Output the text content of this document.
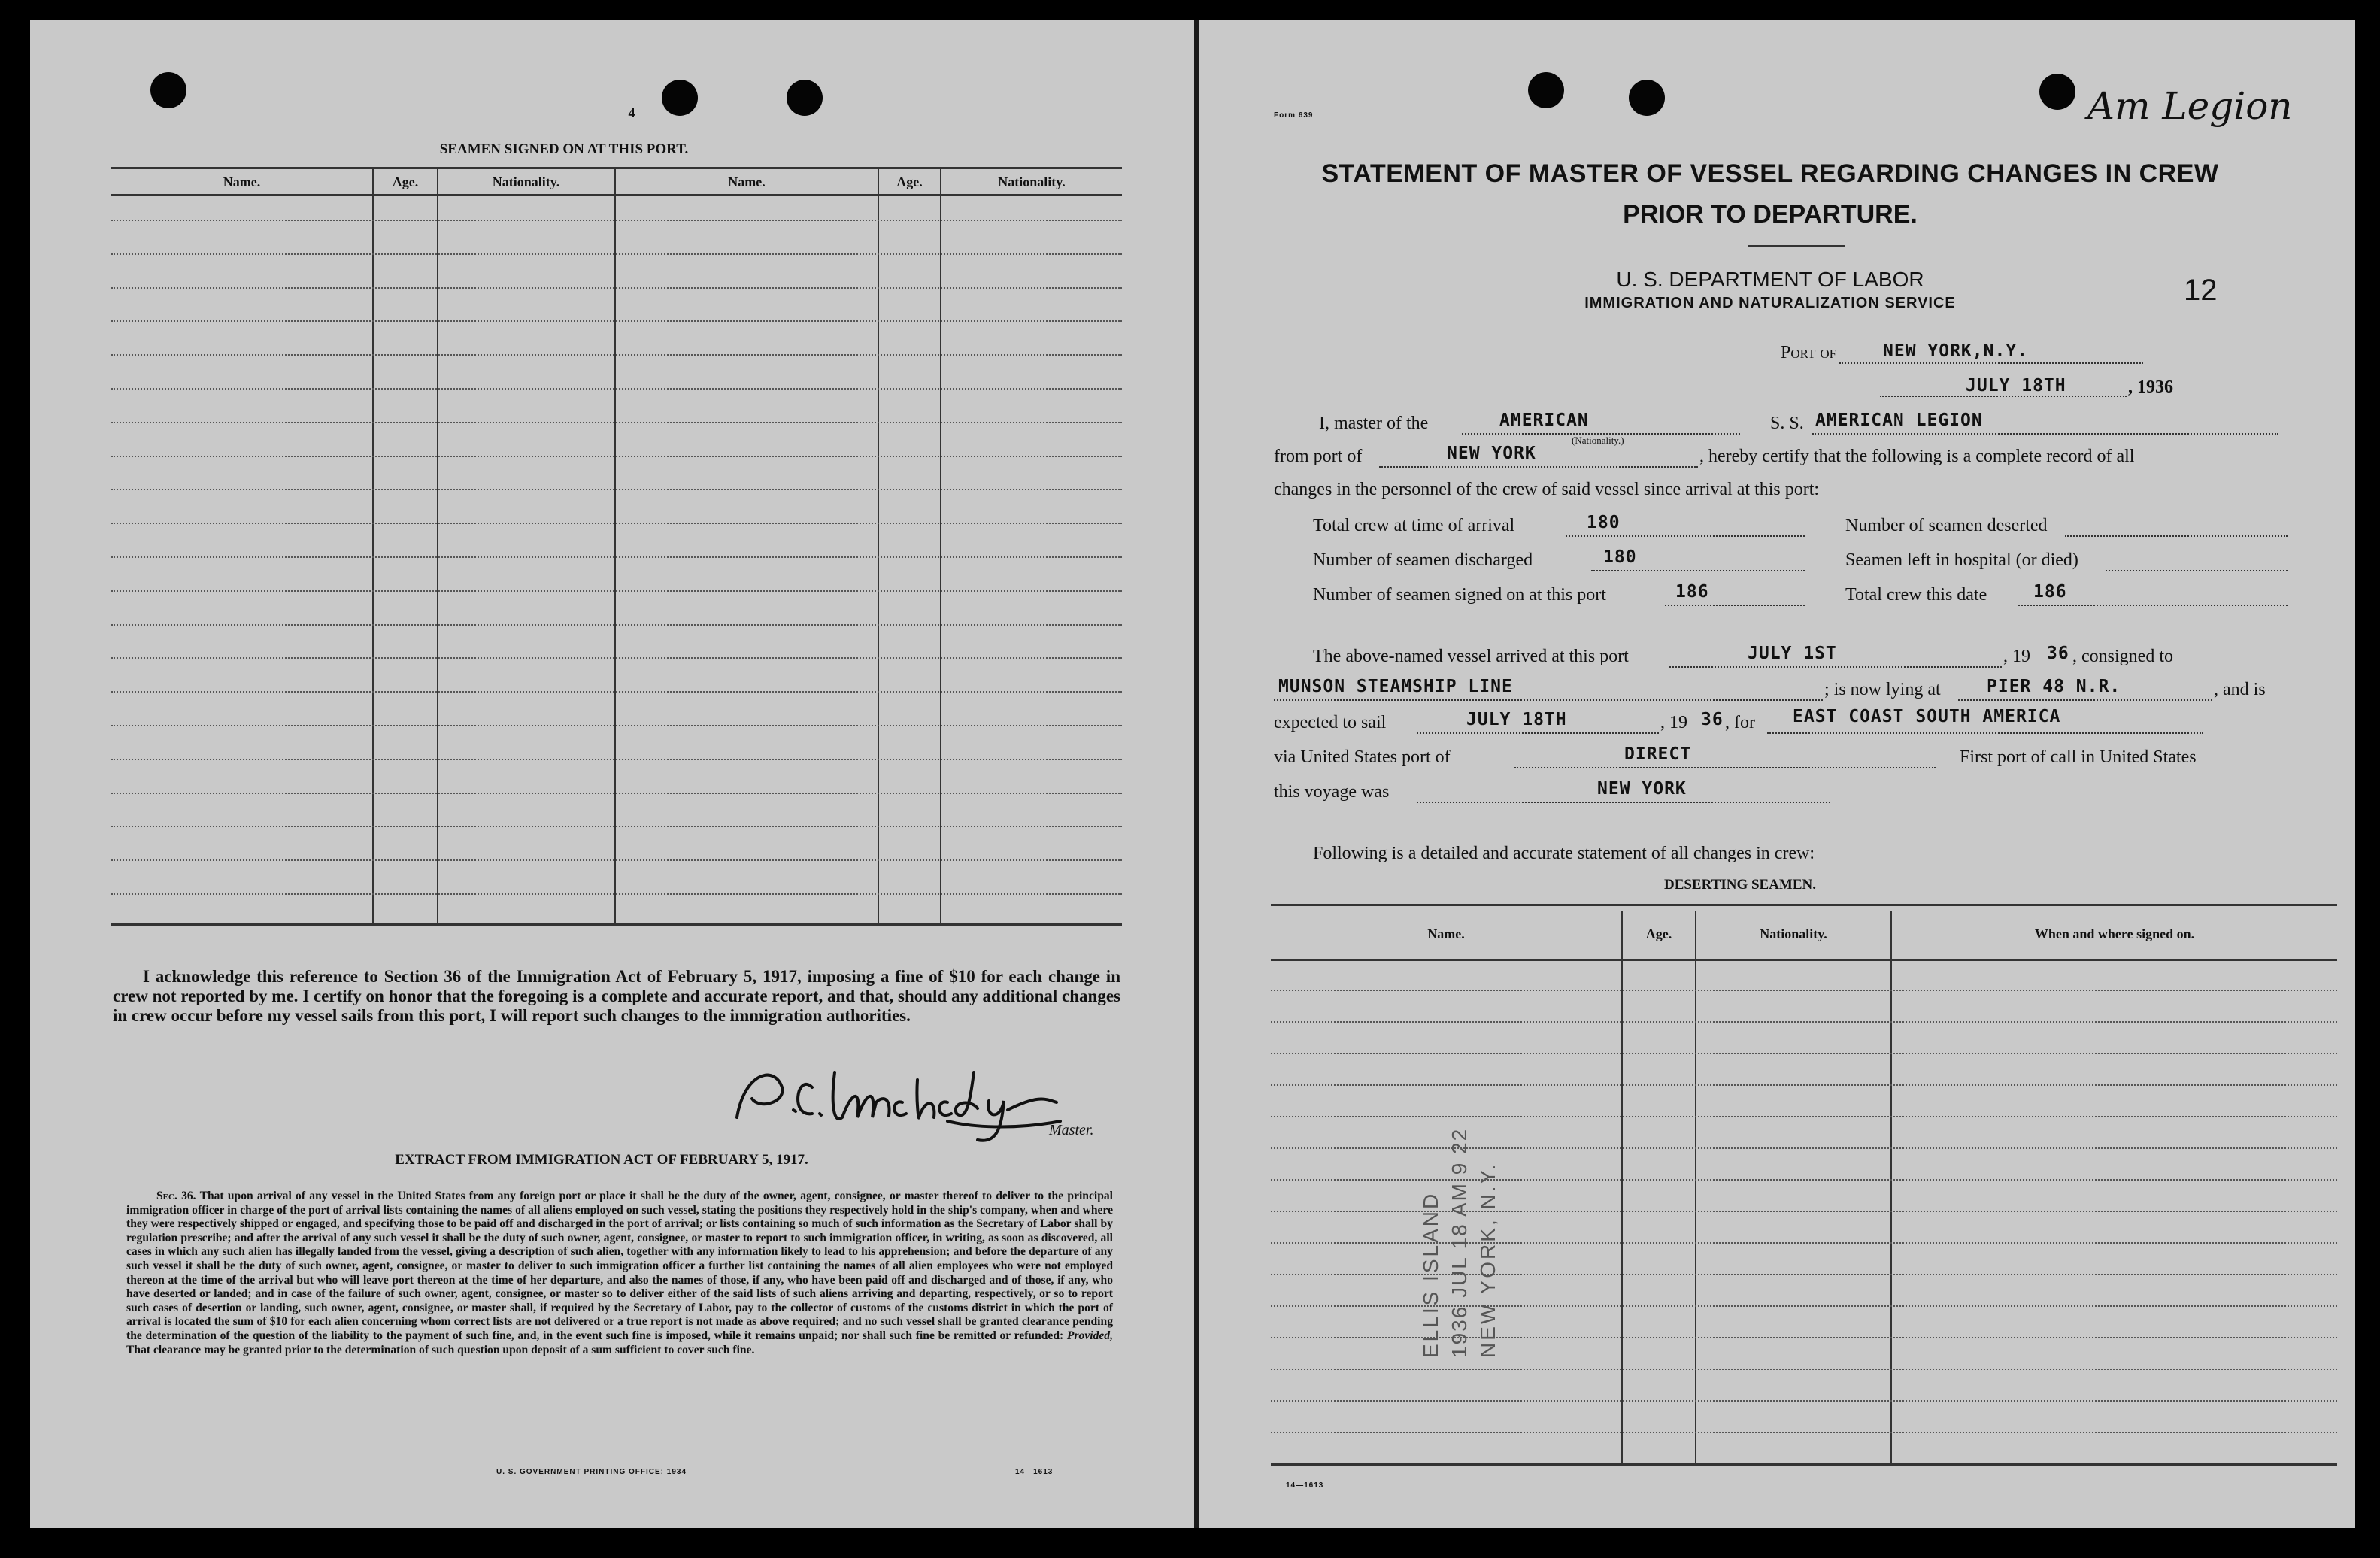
4
SEAMEN SIGNED ON AT THIS PORT.
Name.	Age.	Nationality.	Name.	Age.	Nationality.
I acknowledge this reference to Section 36 of the Immigration Act of February 5, 1917, imposing a fine of $10 for each change in crew not reported by me. I certify on honor that the foregoing is a complete and accurate report, and that, should any additional changes in crew occur before my vessel sails from this port, I will report such changes to the immigration authorities.
Master.
EXTRACT FROM IMMIGRATION ACT OF FEBRUARY 5, 1917.
Sec. 36. That upon arrival of any vessel in the United States from any foreign port or place it shall be the duty of the owner, agent, consignee, or master thereof to deliver to the principal immigration officer in charge of the port of arrival lists containing the names of all aliens employed on such vessel, stating the positions they respectively hold in the ship's company, when and where they were respectively shipped or engaged, and specifying those to be paid off and discharged in the port of arrival; or lists containing so much of such information as the Secretary of Labor shall by regulation prescribe; and after the arrival of any such vessel it shall be the duty of such owner, agent, consignee, or master to report to such immigration officer, in writing, as soon as discovered, all cases in which any such alien has illegally landed from the vessel, giving a description of such alien, together with any information likely to lead to his apprehension; and before the departure of any such vessel it shall be the duty of such owner, agent, consignee, or master to deliver to such immigration officer a further list containing the names of all alien employees who were not employed thereon at the time of the arrival but who will leave port thereon at the time of her departure, and also the names of those, if any, who have been paid off and discharged and of those, if any, who have deserted or landed; and in case of the failure of such owner, agent, consignee, or master so to deliver either of the said lists of such aliens arriving and departing, respectively, or so to report such cases of desertion or landing, such owner, agent, consignee, or master shall, if required by the Secretary of Labor, pay to the collector of customs of the customs district in which the port of arrival is located the sum of $10 for each alien concerning whom correct lists are not delivered or a true report is not made as above required; and no such vessel shall be granted clearance pending the determination of the question of the liability to the payment of such fine, and, in the event such fine is imposed, while it remains unpaid; nor shall such fine be remitted or refunded: Provided, That clearance may be granted prior to the determination of such question upon deposit of a sum sufficient to cover such fine.
U. S. GOVERNMENT PRINTING OFFICE: 1934	14—1613
Form 639	Am Legion
STATEMENT OF MASTER OF VESSEL REGARDING CHANGES IN CREW
PRIOR TO DEPARTURE.
U. S. DEPARTMENT OF LABOR
IMMIGRATION AND NATURALIZATION SERVICE	12
Port of	NEW YORK,N.Y.
JULY 18TH	, 1936
I, master of the	AMERICAN
(Nationality.)
S. S. AMERICAN LEGION
from port of	NEW YORK	, hereby certify that the following is a complete record of all
changes in the personnel of the crew of said vessel since arrival at this port:
Total crew at time of arrival	180	Number of seamen deserted
Number of seamen discharged	180	Seamen left in hospital (or died)
Number of seamen signed on at this port	186	Total crew this date	186
The above-named vessel arrived at this port	JULY 1ST	, 19 36 , consigned to
MUNSON STEAMSHIP LINE	; is now lying at	PIER 48 N.R.	, and is
expected to sail	JULY 18TH	, 19 36 , for EAST COAST SOUTH AMERICA
via United States port of	DIRECT	First port of call in United States
this voyage was	NEW YORK
Following is a detailed and accurate statement of all changes in crew:
DESERTING SEAMEN.
Name.	Age.	Nationality.	When and where signed on.
ELLIS ISLAND 1936 JUL 18 AM 9 22 NEW YORK, N.Y.
14—1613
